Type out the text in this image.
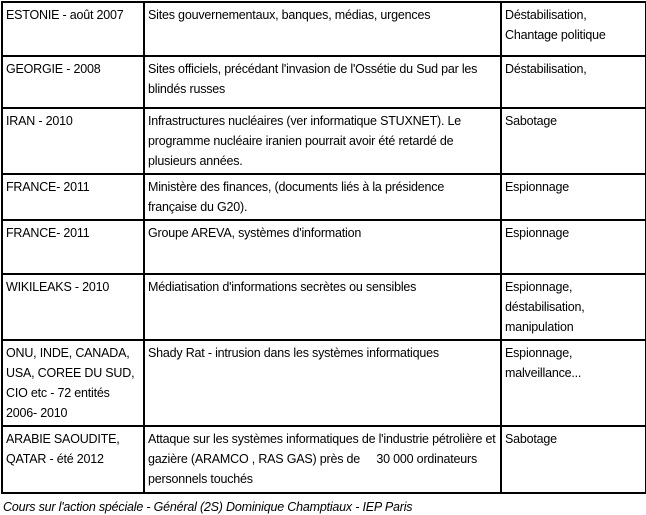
ESTONIE - août 2007	Sites gouvernementaux, banques, médias, urgences	Déstabilisation, Chantage politique
GEORGIE - 2008	Sites officiels, précédant l'invasion de l'Ossétie du Sud par les blindés russes	Déstabilisation,
IRAN - 2010	Infrastructures nucléaires (ver informatique STUXNET). Le programme nucléaire iranien pourrait avoir été retardé de plusieurs années.	Sabotage
FRANCE- 2011	Ministère des finances, (documents liés à la présidence française du G20).	Espionnage
FRANCE- 2011	Groupe AREVA, systèmes d'information	Espionnage
WIKILEAKS - 2010	Médiatisation d'informations secrètes ou sensibles	Espionnage, déstabilisation, manipulation
ONU, INDE, CANADA, USA, COREE DU SUD, CIO etc - 72 entités 2006- 2010	Shady Rat - intrusion dans les systèmes informatiques	Espionnage, malveillance...
ARABIE SAOUDITE, QATAR - été 2012	Attaque sur les systèmes informatiques de l'industrie pétrolière et gazière (ARAMCO , RAS GAS) près de     30 000 ordinateurs personnels touchés	Sabotage
Cours sur l'action spéciale - Général (2S) Dominique Champtiaux - IEP Paris
